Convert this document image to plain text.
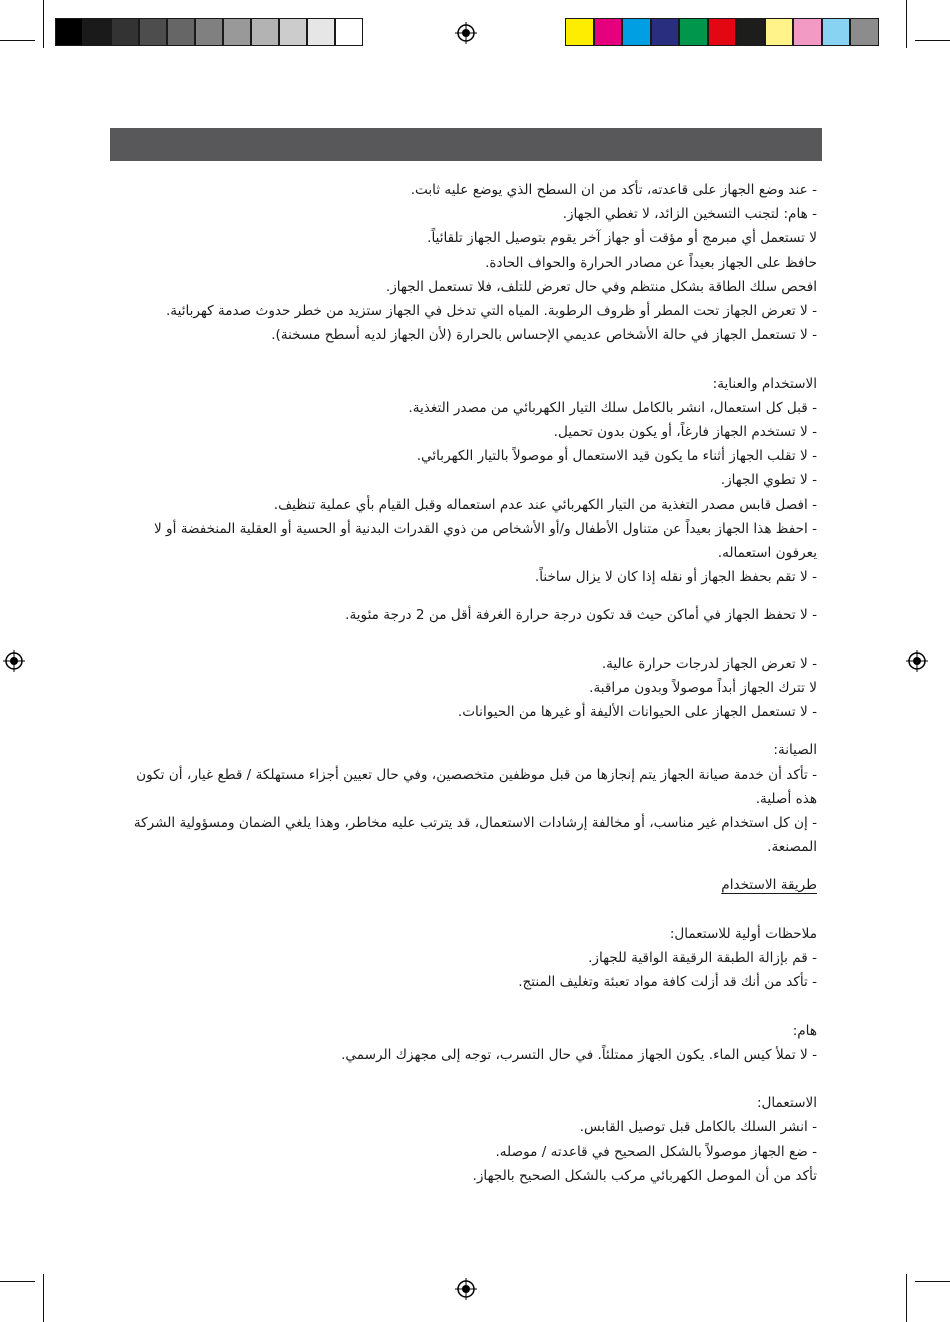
- عند وضع الجهاز على قاعدته، تأكد من ان السطح الذي يوضع عليه ثابت.

- هام: لتجنب التسخين الزائد، لا تغطي الجهاز.

لا تستعمل أي مبرمج أو مؤقت أو جهاز آخر يقوم بتوصيل الجهاز تلقائياً.

حافظ على الجهاز بعيداً عن مصادر الحرارة والحواف الحادة.

افحص سلك الطاقة بشكل منتظم وفي حال تعرض للتلف، فلا تستعمل الجهاز.

- لا تعرض الجهاز تحت المطر أو ظروف الرطوبة. المياه التي تدخل في الجهاز ستزيد من خطر حدوث صدمة كهربائية.

- لا تستعمل الجهاز في حالة الأشخاص عديمي الإحساس بالحرارة (لأن الجهاز لديه أسطح مسخنة).

الاستخدام والعناية:

- قبل كل استعمال، انشر بالكامل سلك التيار الكهربائي من مصدر التغذية.

- لا تستخدم الجهاز فارغاً، أو يكون بدون تحميل.

- لا تقلب الجهاز أثناء ما يكون قيد الاستعمال أو موصولاً بالتيار الكهربائي.

- لا تطوي الجهاز.

- افصل قابس مصدر التغذية من التيار الكهربائي عند عدم استعماله وقبل القيام بأي عملية تنظيف.

- احفظ هذا الجهاز بعيداً عن متناول الأطفال و/أو الأشخاص من ذوي القدرات البدنية أو الحسية أو العقلية المنخفضة أو لا يعرفون استعماله.

- لا تقم بحفظ الجهاز أو نقله إذا كان لا يزال ساخناً.

- لا تحفظ الجهاز في أماكن حيث قد تكون درجة حرارة الغرفة أقل من 2 درجة مئوية.

- لا تعرض الجهاز لدرجات حرارة عالية.

لا تترك الجهاز أبداً موصولاً وبدون مراقبة.

- لا تستعمل الجهاز على الحيوانات الأليفة أو غيرها من الحيوانات.

الصيانة:

- تأكد أن خدمة صيانة الجهاز يتم إنجازها من قبل موظفين متخصصين، وفي حال تعيين أجزاء مستهلكة / قطع غيار، أن تكون هذه أصلية.

- إن كل استخدام غير مناسب، أو مخالفة إرشادات الاستعمال، قد يترتب عليه مخاطر، وهذا يلغي الضمان ومسؤولية الشركة المصنعة.

طريقة الاستخدام

ملاحظات أولية للاستعمال:

- قم بإزالة الطبقة الرقيقة الواقية للجهاز.

- تأكد من أنك قد أزلت كافة مواد تعبئة وتغليف المنتج.

هام:

- لا تملأ كيس الماء. يكون الجهاز ممتلئاً. في حال التسرب، توجه إلى مجهزك الرسمي.

الاستعمال:

- انشر السلك بالكامل قبل توصيل القابس.

- ضع الجهاز موصولاً بالشكل الصحيح في قاعدته / موصله.

تأكد من أن الموصل الكهربائي مركب بالشكل الصحيح بالجهاز.
